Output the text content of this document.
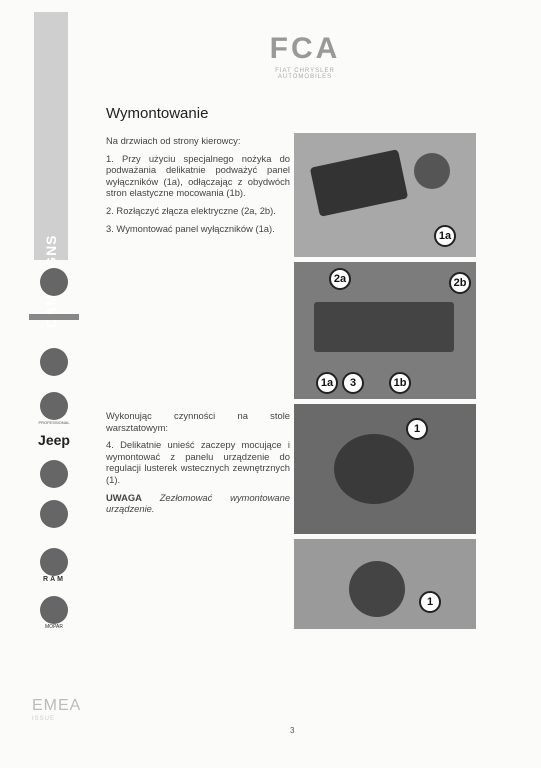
FCA
FIAT CHRYSLER AUTOMOBILES
Wymontowanie

Na drzwiach od strony kierowcy:

1. Przy użyciu specjalnego nożyka do podważania delikatnie podważyć panel wyłączników (1a), odłączając z obydwóch stron elastyczne mocowania (1b).

2. Rozłączyć złącza elektryczne (2a, 2b).

3. Wymontować panel wyłączników (1a).

Wykonując czynności na stole warsztatowym:

4. Delikatnie unieść zaczepy mocujące i wymontować z panelu urządzenie do regulacji lusterek wstecznych zewnętrznych (1).

UWAGA Zezłomować wymontowane urządzenie.

1a
2a	2b
1a	3	1b
1
1
PROFESSIONAL
Jeep
RAM
MOPAR
EMEA
ISSUE
3
